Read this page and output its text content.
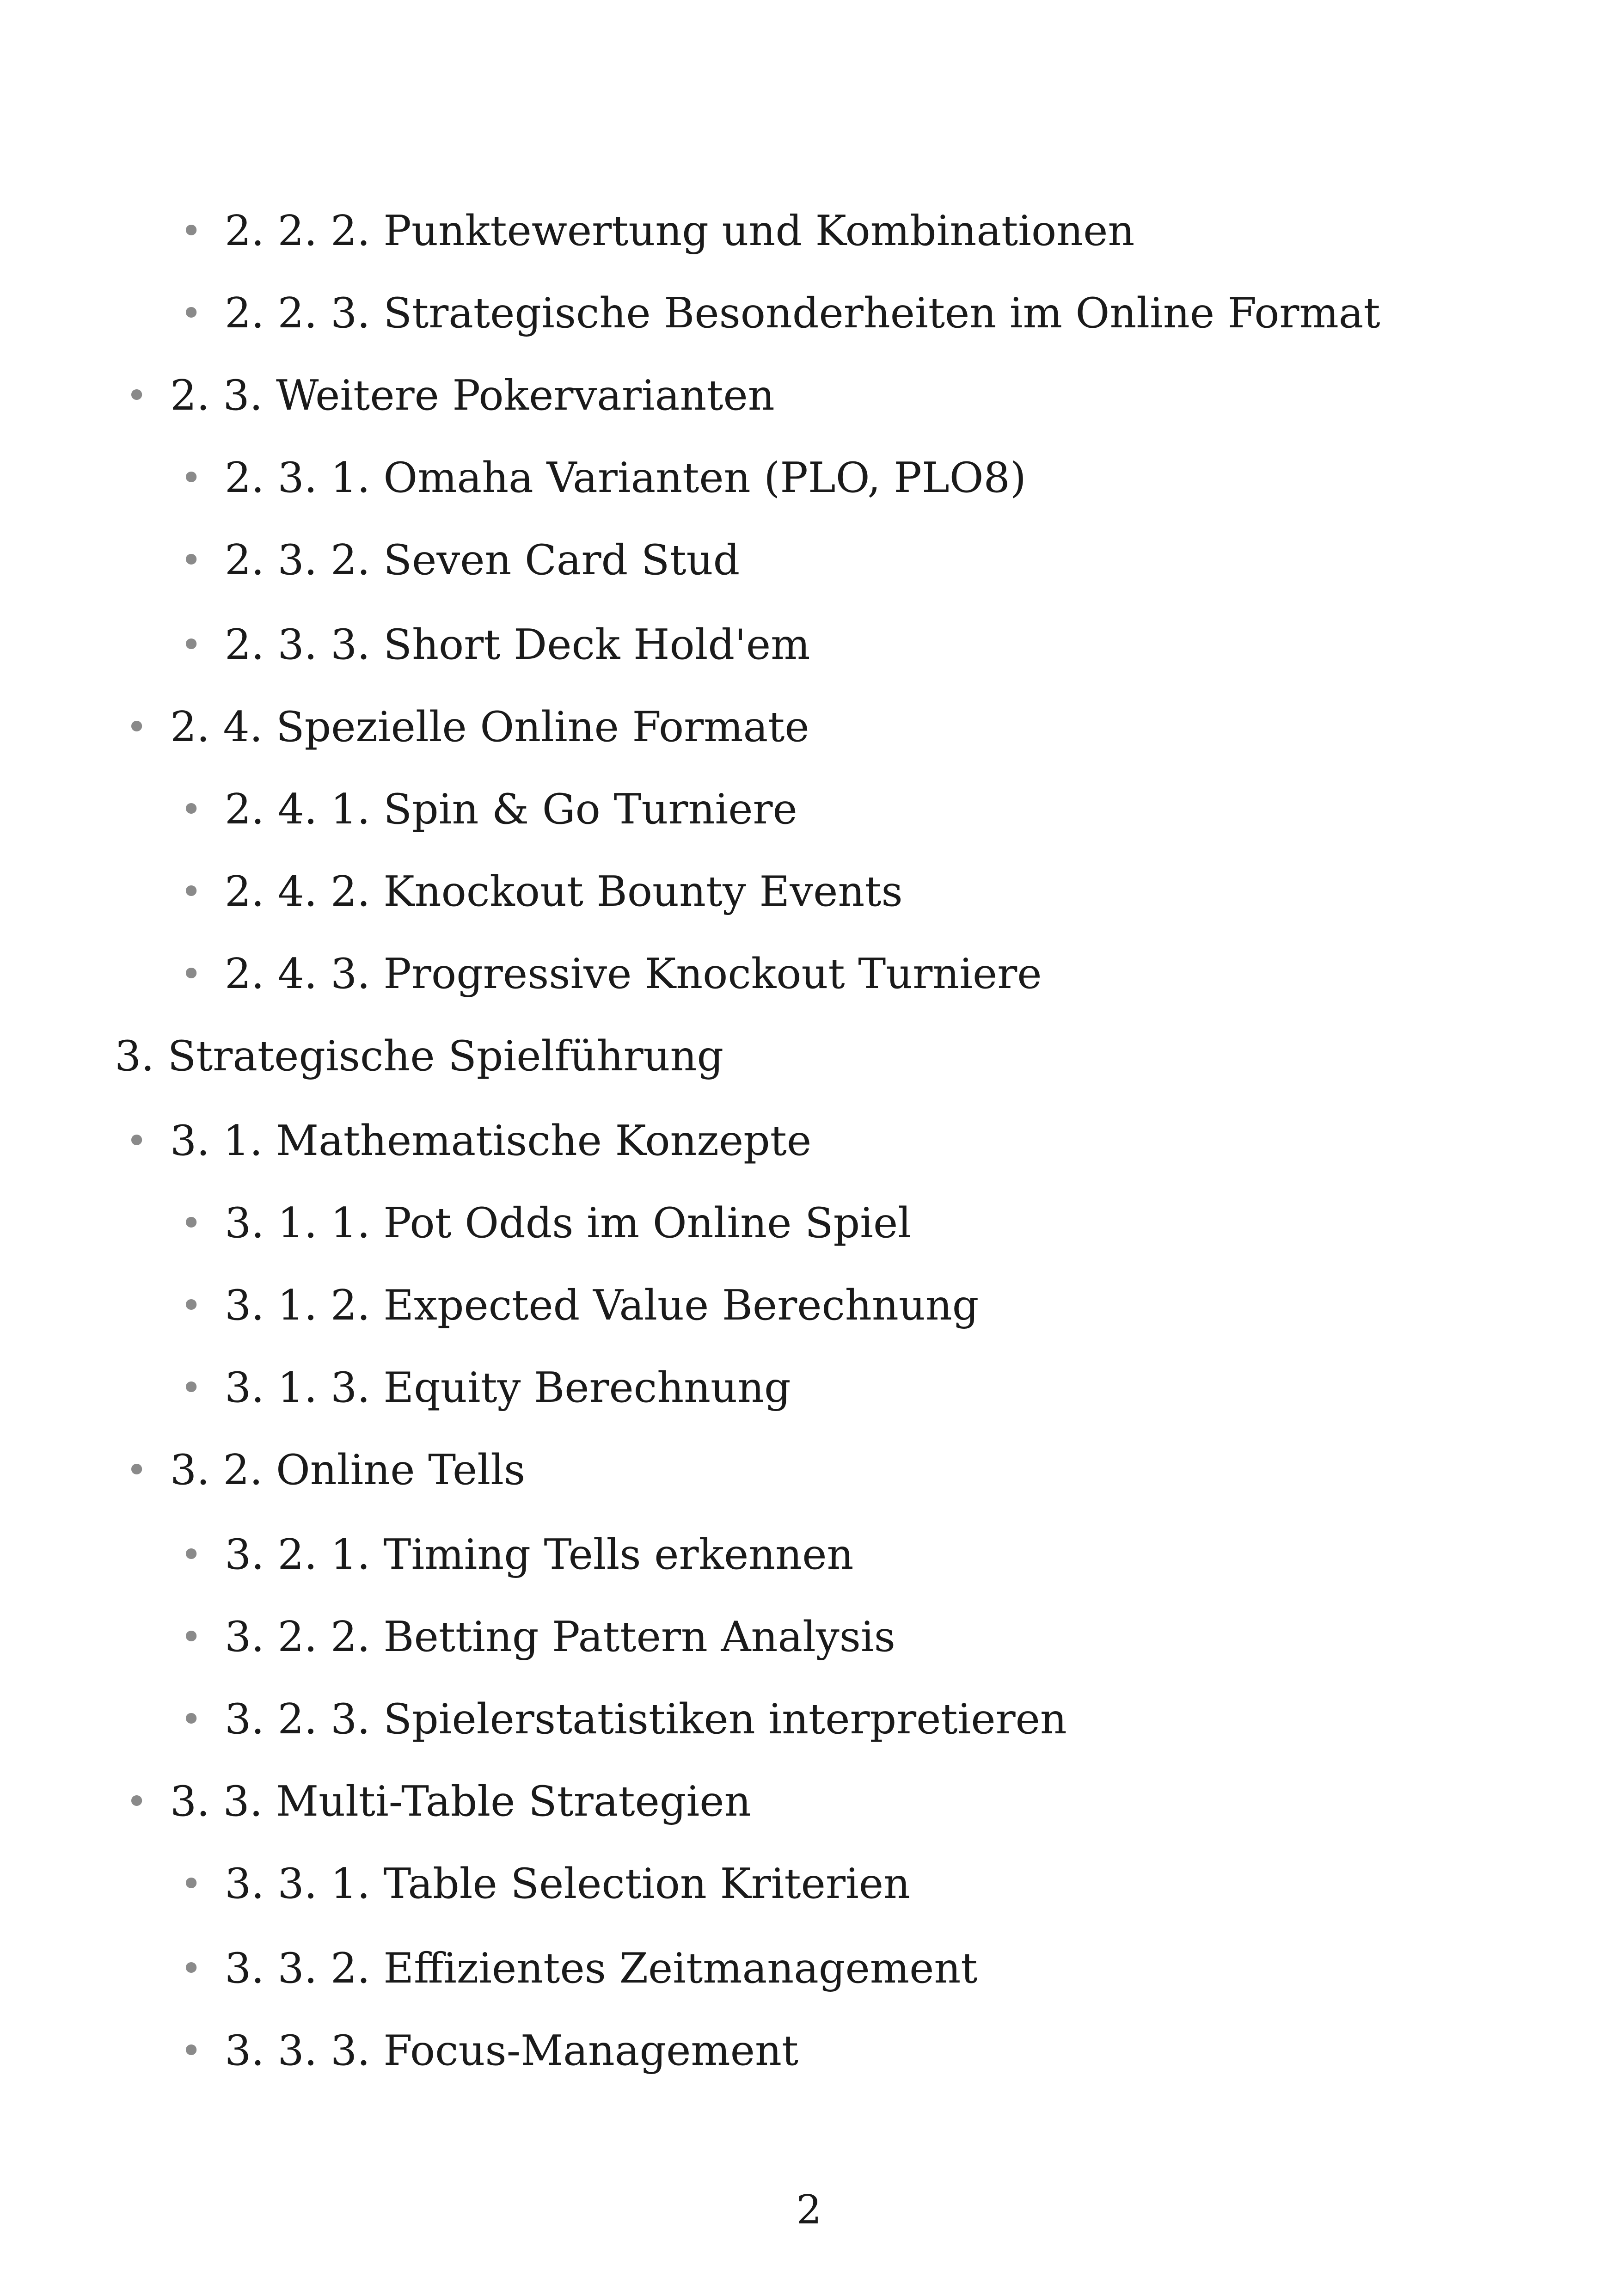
• 2. 2. 2. Punktewertung und Kombinationen
• 2. 2. 3. Strategische Besonderheiten im Online Format
• 2. 3. Weitere Pokervarianten
• 2. 3. 1. Omaha Varianten (PLO, PLO8)
• 2. 3. 2. Seven Card Stud
• 2. 3. 3. Short Deck Hold'em
• 2. 4. Spezielle Online Formate
• 2. 4. 1. Spin & Go Turniere
• 2. 4. 2. Knockout Bounty Events
• 2. 4. 3. Progressive Knockout Turniere
3. Strategische Spielführung
• 3. 1. Mathematische Konzepte
• 3. 1. 1. Pot Odds im Online Spiel
• 3. 1. 2. Expected Value Berechnung
• 3. 1. 3. Equity Berechnung
• 3. 2. Online Tells
• 3. 2. 1. Timing Tells erkennen
• 3. 2. 2. Betting Pattern Analysis
• 3. 2. 3. Spielerstatistiken interpretieren
• 3. 3. Multi-Table Strategien
• 3. 3. 1. Table Selection Kriterien
• 3. 3. 2. Effizientes Zeitmanagement
• 3. 3. 3. Focus-Management
2
